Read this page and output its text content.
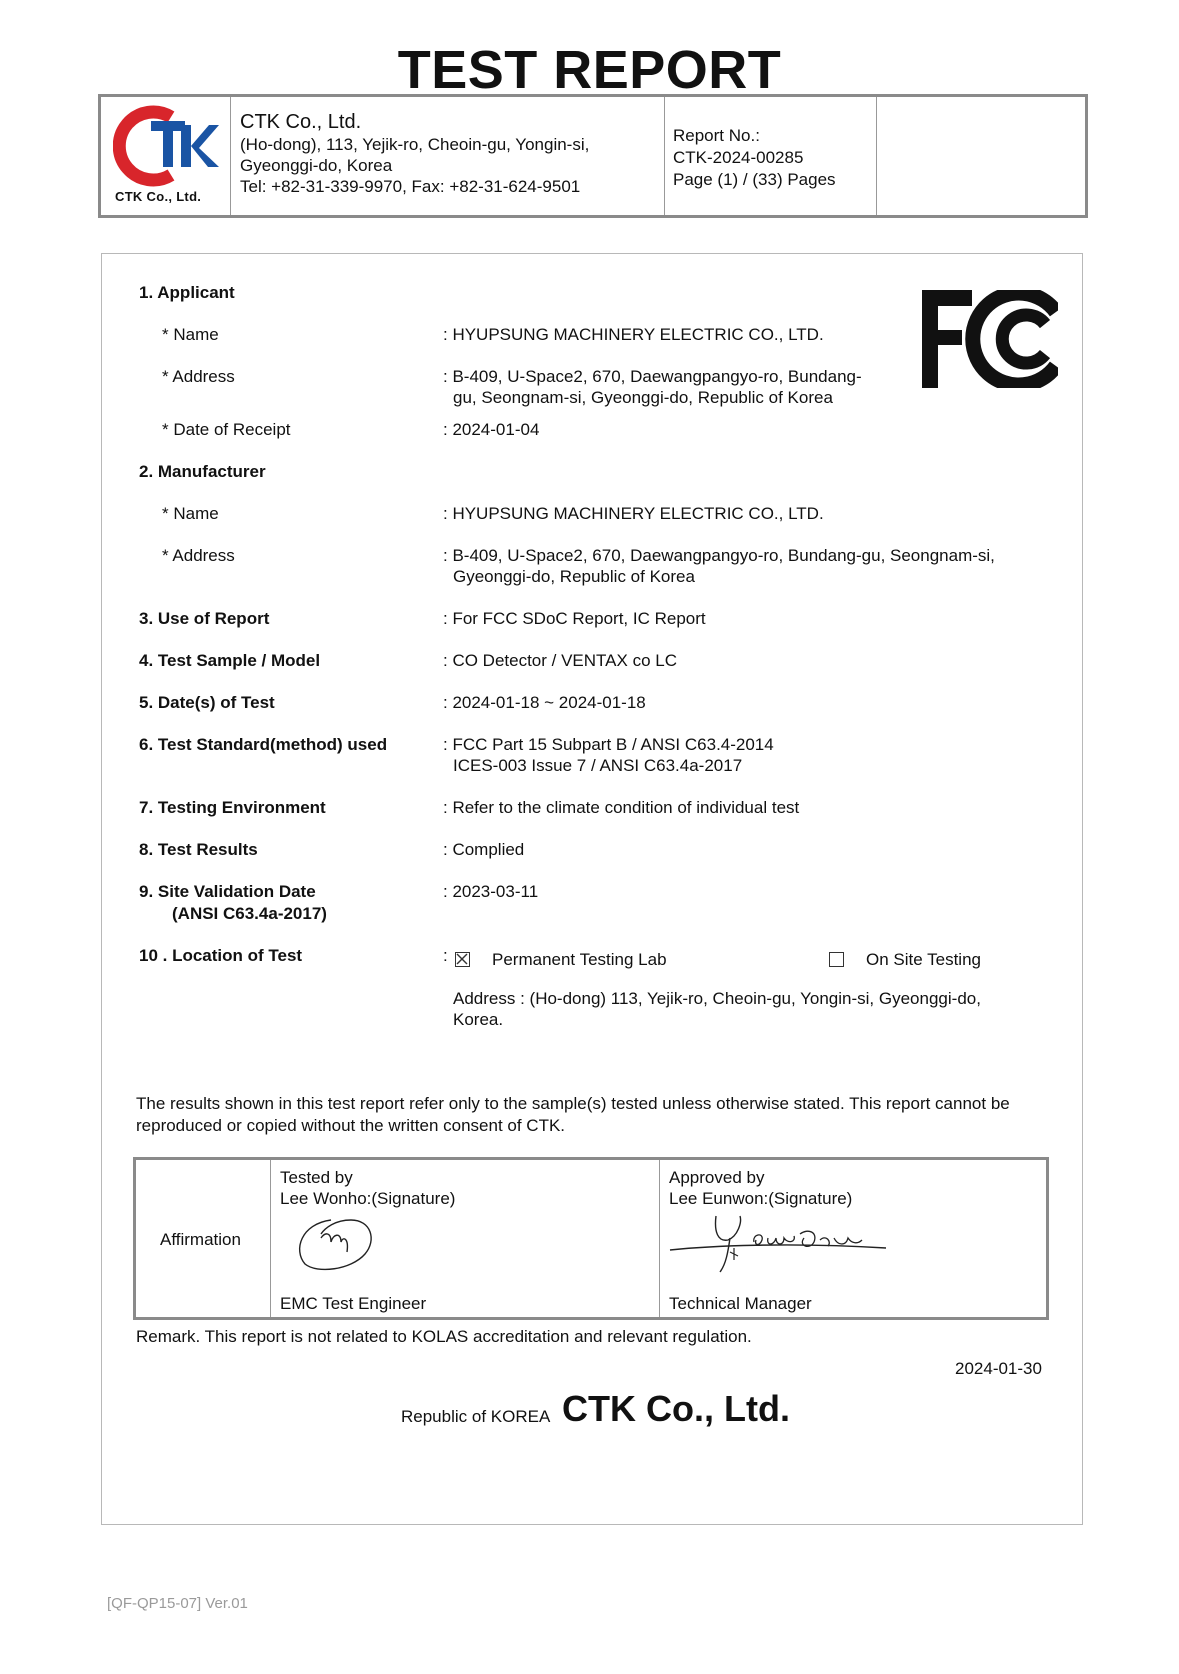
TEST REPORT
CTK Co., Ltd.
CTK Co., Ltd.
(Ho-dong), 113, Yejik-ro, Cheoin-gu, Yongin-si,
Gyeonggi-do, Korea
Tel: +82-31-339-9970, Fax: +82-31-624-9501
Report No.:
CTK-2024-00285
Page (1) / (33) Pages
1. Applicant
* Name	: HYUPSUNG MACHINERY ELECTRIC CO., LTD.
* Address	: B-409, U-Space2, 670, Daewangpangyo-ro, Bundang-
gu, Seongnam-si, Gyeonggi-do, Republic of Korea
* Date of Receipt	: 2024-01-04
2. Manufacturer
* Name	: HYUPSUNG MACHINERY ELECTRIC CO., LTD.
* Address	: B-409, U-Space2, 670, Daewangpangyo-ro, Bundang-gu, Seongnam-si,
Gyeonggi-do, Republic of Korea
3. Use of Report	: For FCC SDoC Report, IC Report
4. Test Sample / Model	: CO Detector / VENTAX co LC
5. Date(s) of Test	: 2024-01-18 ~ 2024-01-18
6. Test Standard(method) used	: FCC Part 15 Subpart B / ANSI C63.4-2014
ICES-003 Issue 7 / ANSI C63.4a-2017
7. Testing Environment	: Refer to the climate condition of individual test
8. Test Results	: Complied
9. Site Validation Date
(ANSI C63.4a-2017)
: 2023-03-11
10 . Location of Test	:	Permanent Testing Lab	On Site Testing
Address : (Ho-dong) 113, Yejik-ro, Cheoin-gu, Yongin-si, Gyeonggi-do,
Korea.
The results shown in this test report refer only to the sample(s) tested unless otherwise stated. This report cannot be reproduced or copied without the written consent of CTK.
Affirmation
Tested by
Lee Wonho:(Signature)
EMC Test Engineer
Approved by
Lee Eunwon:(Signature)
Technical Manager
Remark. This report is not related to KOLAS accreditation and relevant regulation.
2024-01-30
Republic of KOREA CTK Co., Ltd.
[QF-QP15-07] Ver.01
